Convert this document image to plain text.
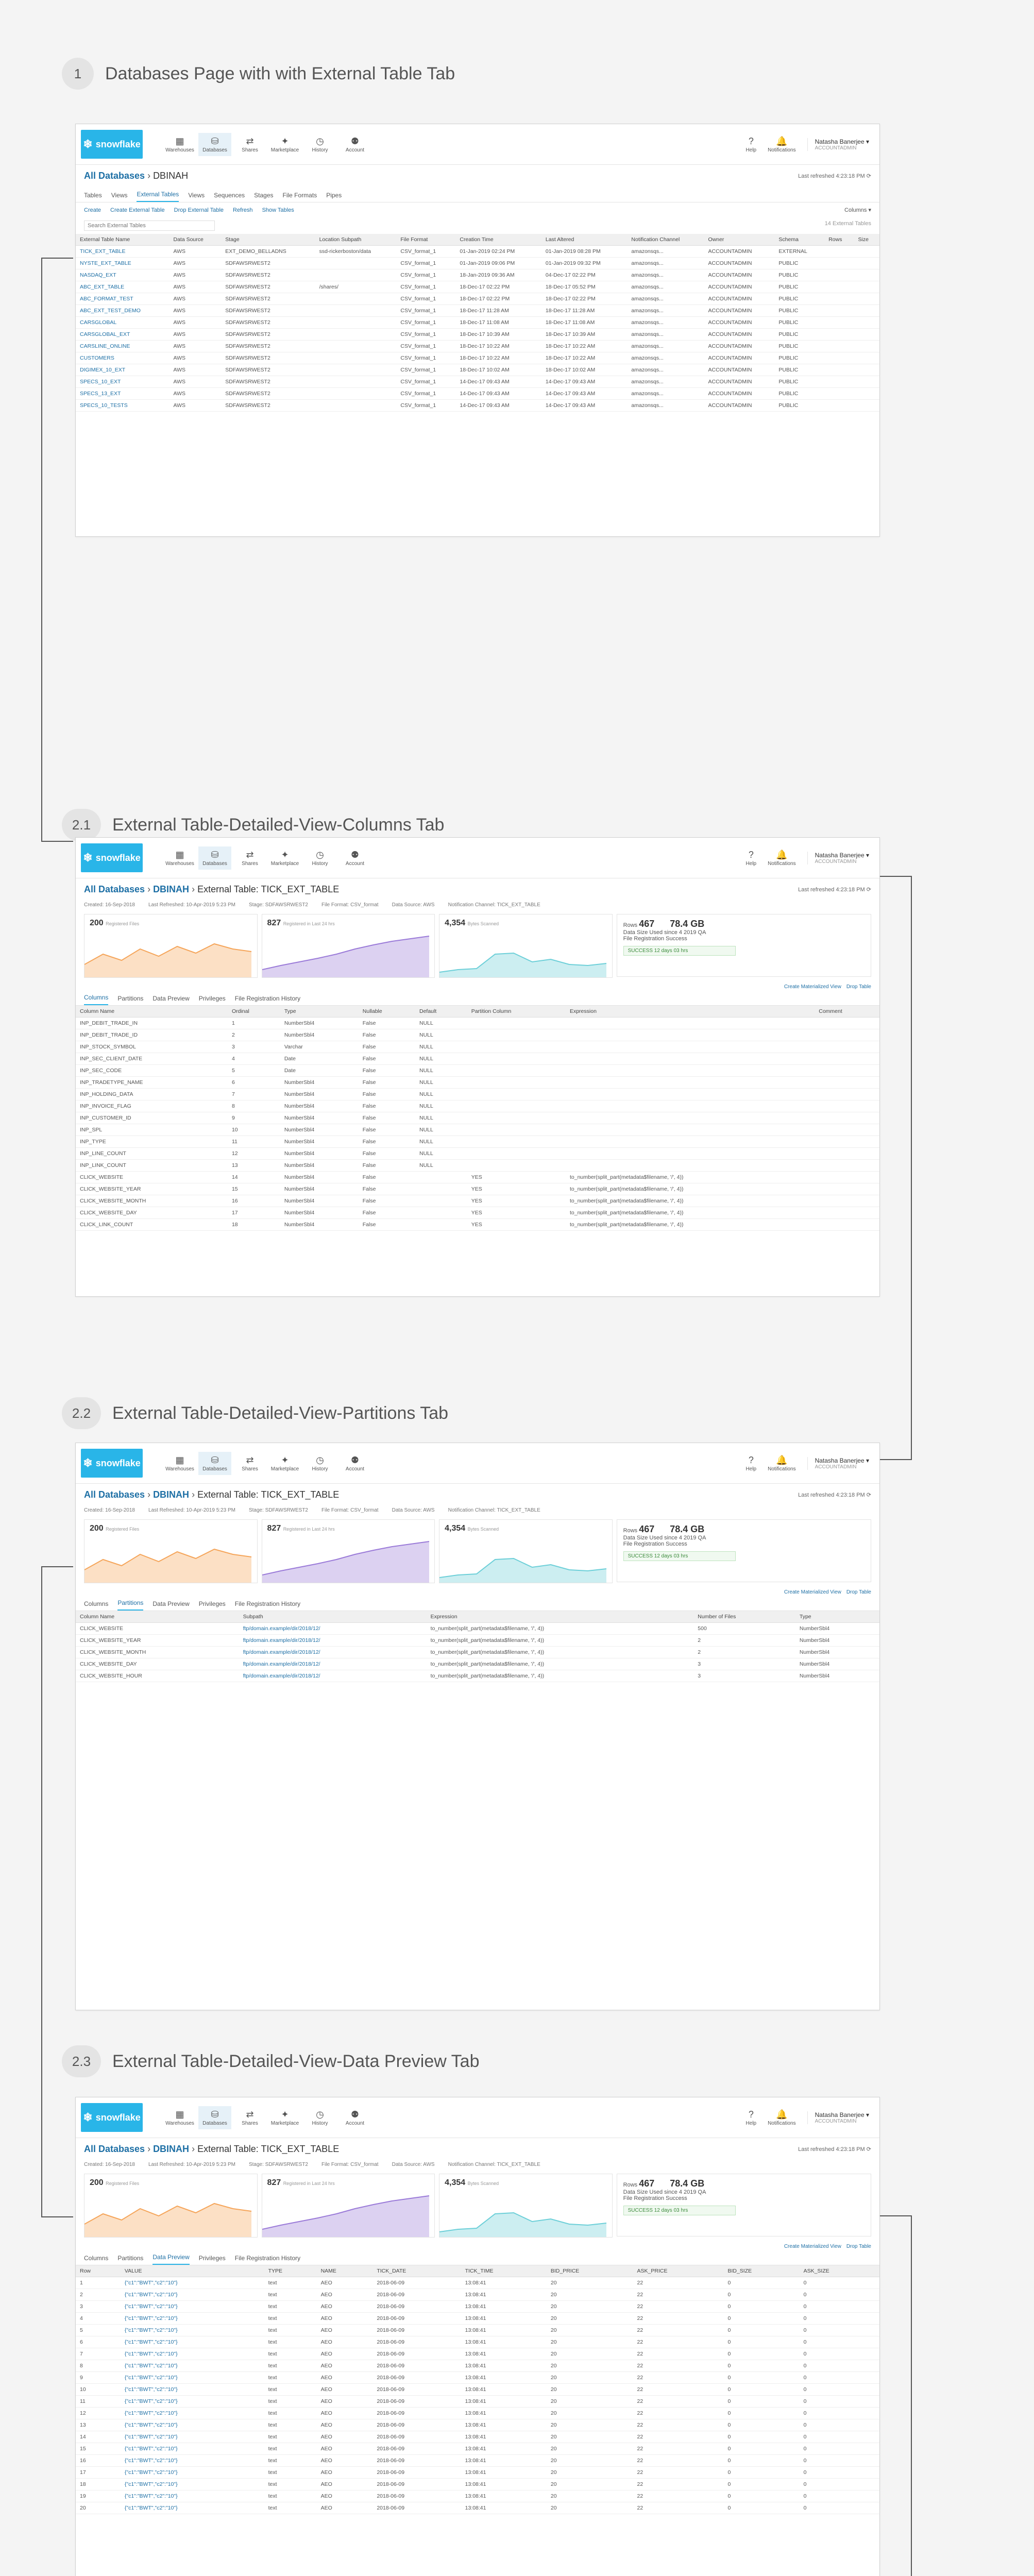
1	Databases Page with with External Table Tab
❄ snowflake	▦
Warehouses
⛁
Databases
⇄
Shares
✦
Marketplace
◷
History
⚉
Account
?
Help
🔔
Notifications
Natasha Banerjee ▾
ACCOUNTADMIN
All Databases › DBINAH	Last refreshed 4:23:18 PM ⟳
Tables Views External Tables Views Sequences Stages File Formats Pipes
Create Create External Table Drop External Table Refresh Show Tables	Columns ▾
Search External Tables
14 External Tables
External Table Name	Data Source	Stage	Location Subpath	File Format	Creation Time	Last Altered	Notification Channel	Owner	Schema	Rows	Size
TICK_EXT_TABLE	AWS	EXT_DEMO_BELLADNS	ssd-rickerboston/data	CSV_format_1	01-Jan-2019 02:24 PM	01-Jan-2019 08:28 PM	amazonsqs...	ACCOUNTADMIN	EXTERNAL		
NYSTE_EXT_TABLE	AWS	SDFAWSRWEST2		CSV_format_1	01-Jan-2019 09:06 PM	01-Jan-2019 09:32 PM	amazonsqs...	ACCOUNTADMIN	PUBLIC		
NASDAQ_EXT	AWS	SDFAWSRWEST2		CSV_format_1	18-Jan-2019 09:36 AM	04-Dec-17 02:22 PM	amazonsqs...	ACCOUNTADMIN	PUBLIC		
ABC_EXT_TABLE	AWS	SDFAWSRWEST2	/shares/	CSV_format_1	18-Dec-17 02:22 PM	18-Dec-17 05:52 PM	amazonsqs...	ACCOUNTADMIN	PUBLIC		
ABC_FORMAT_TEST	AWS	SDFAWSRWEST2		CSV_format_1	18-Dec-17 02:22 PM	18-Dec-17 02:22 PM	amazonsqs...	ACCOUNTADMIN	PUBLIC		
ABC_EXT_TEST_DEMO	AWS	SDFAWSRWEST2		CSV_format_1	18-Dec-17 11:28 AM	18-Dec-17 11:28 AM	amazonsqs...	ACCOUNTADMIN	PUBLIC		
CARSGLOBAL	AWS	SDFAWSRWEST2		CSV_format_1	18-Dec-17 11:08 AM	18-Dec-17 11:08 AM	amazonsqs...	ACCOUNTADMIN	PUBLIC		
CARSGLOBAL_EXT	AWS	SDFAWSRWEST2		CSV_format_1	18-Dec-17 10:39 AM	18-Dec-17 10:39 AM	amazonsqs...	ACCOUNTADMIN	PUBLIC		
CARSLINE_ONLINE	AWS	SDFAWSRWEST2		CSV_format_1	18-Dec-17 10:22 AM	18-Dec-17 10:22 AM	amazonsqs...	ACCOUNTADMIN	PUBLIC		
CUSTOMERS	AWS	SDFAWSRWEST2		CSV_format_1	18-Dec-17 10:22 AM	18-Dec-17 10:22 AM	amazonsqs...	ACCOUNTADMIN	PUBLIC		
DIGIMEX_10_EXT	AWS	SDFAWSRWEST2		CSV_format_1	18-Dec-17 10:02 AM	18-Dec-17 10:02 AM	amazonsqs...	ACCOUNTADMIN	PUBLIC		
SPECS_10_EXT	AWS	SDFAWSRWEST2		CSV_format_1	14-Dec-17 09:43 AM	14-Dec-17 09:43 AM	amazonsqs...	ACCOUNTADMIN	PUBLIC		
SPECS_13_EXT	AWS	SDFAWSRWEST2		CSV_format_1	14-Dec-17 09:43 AM	14-Dec-17 09:43 AM	amazonsqs...	ACCOUNTADMIN	PUBLIC		
SPECS_10_TESTS	AWS	SDFAWSRWEST2		CSV_format_1	14-Dec-17 09:43 AM	14-Dec-17 09:43 AM	amazonsqs...	ACCOUNTADMIN	PUBLIC		
2.1	External Table-Detailed-View-Columns Tab
❄ snowflake	▦
Warehouses
⛁
Databases
⇄
Shares
✦
Marketplace
◷
History
⚉
Account
?
Help
🔔
Notifications
Natasha Banerjee ▾
ACCOUNTADMIN
All Databases › DBINAH › External Table: TICK_EXT_TABLE	Last refreshed 4:23:18 PM ⟳
Created: 16-Sep-2018	Last Refreshed: 10-Apr-2019 5:23 PM	Stage: SDFAWSRWEST2	File Format: CSV_format	Data Source: AWS	Notification Channel: TICK_EXT_TABLE
200 Registered Files	827 Registered in Last 24 hrs	4,354 Bytes Scanned	Rows 467 78.4 GB
Data Size Used since 4 2019 QA
File Registration Success
SUCCESS 12 days 03 hrs
Create Materialized View Drop Table
Columns Partitions Data Preview Privileges File Registration History
Column Name	Ordinal	Type	Nullable	Default	Partition Column	Expression	Comment
INP_DEBIT_TRADE_IN	1	NumberSbl4	False	NULL			
INP_DEBIT_TRADE_ID	2	NumberSbl4	False	NULL			
INP_STOCK_SYMBOL	3	Varchar	False	NULL			
INP_SEC_CLIENT_DATE	4	Date	False	NULL			
INP_SEC_CODE	5	Date	False	NULL			
INP_TRADETYPE_NAME	6	NumberSbl4	False	NULL			
INP_HOLDING_DATA	7	NumberSbl4	False	NULL			
INP_INVOICE_FLAG	8	NumberSbl4	False	NULL			
INP_CUSTOMER_ID	9	NumberSbl4	False	NULL			
INP_SPL	10	NumberSbl4	False	NULL			
INP_TYPE	11	NumberSbl4	False	NULL			
INP_LINE_COUNT	12	NumberSbl4	False	NULL			
INP_LINK_COUNT	13	NumberSbl4	False	NULL			
CLICK_WEBSITE	14	NumberSbl4	False		YES	to_number(split_part(metadata$filename, '/', 4))	
CLICK_WEBSITE_YEAR	15	NumberSbl4	False		YES	to_number(split_part(metadata$filename, '/', 4))	
CLICK_WEBSITE_MONTH	16	NumberSbl4	False		YES	to_number(split_part(metadata$filename, '/', 4))	
CLICK_WEBSITE_DAY	17	NumberSbl4	False		YES	to_number(split_part(metadata$filename, '/', 4))	
CLICK_LINK_COUNT	18	NumberSbl4	False		YES	to_number(split_part(metadata$filename, '/', 4))	
2.2	External Table-Detailed-View-Partitions Tab
❄ snowflake	▦
Warehouses
⛁
Databases
⇄
Shares
✦
Marketplace
◷
History
⚉
Account
?
Help
🔔
Notifications
Natasha Banerjee ▾
ACCOUNTADMIN
All Databases › DBINAH › External Table: TICK_EXT_TABLE	Last refreshed 4:23:18 PM ⟳
Created: 16-Sep-2018	Last Refreshed: 10-Apr-2019 5:23 PM	Stage: SDFAWSRWEST2	File Format: CSV_format	Data Source: AWS	Notification Channel: TICK_EXT_TABLE
200 Registered Files	827 Registered in Last 24 hrs	4,354 Bytes Scanned	Rows 467 78.4 GB
Data Size Used since 4 2019 QA
File Registration Success
SUCCESS 12 days 03 hrs
Create Materialized View Drop Table
Columns Partitions Data Preview Privileges File Registration History
Column Name	Subpath	Expression	Number of Files	Type
CLICK_WEBSITE	ftp/domain.example/dir/2018/12/	to_number(split_part(metadata$filename, '/', 4))	500	NumberSbl4
CLICK_WEBSITE_YEAR	ftp/domain.example/dir/2018/12/	to_number(split_part(metadata$filename, '/', 4))	2	NumberSbl4
CLICK_WEBSITE_MONTH	ftp/domain.example/dir/2018/12/	to_number(split_part(metadata$filename, '/', 4))	2	NumberSbl4
CLICK_WEBSITE_DAY	ftp/domain.example/dir/2018/12/	to_number(split_part(metadata$filename, '/', 4))	3	NumberSbl4
CLICK_WEBSITE_HOUR	ftp/domain.example/dir/2018/12/	to_number(split_part(metadata$filename, '/', 4))	3	NumberSbl4
2.3	External Table-Detailed-View-Data Preview Tab
❄ snowflake	▦
Warehouses
⛁
Databases
⇄
Shares
✦
Marketplace
◷
History
⚉
Account
?
Help
🔔
Notifications
Natasha Banerjee ▾
ACCOUNTADMIN
All Databases › DBINAH › External Table: TICK_EXT_TABLE	Last refreshed 4:23:18 PM ⟳
Created: 16-Sep-2018	Last Refreshed: 10-Apr-2019 5:23 PM	Stage: SDFAWSRWEST2	File Format: CSV_format	Data Source: AWS	Notification Channel: TICK_EXT_TABLE
200 Registered Files	827 Registered in Last 24 hrs	4,354 Bytes Scanned	Rows 467 78.4 GB
Data Size Used since 4 2019 QA
File Registration Success
SUCCESS 12 days 03 hrs
Create Materialized View Drop Table
Columns Partitions Data Preview Privileges File Registration History
Row	VALUE	TYPE	NAME	TICK_DATE	TICK_TIME	BID_PRICE	ASK_PRICE	BID_SIZE	ASK_SIZE
1	{"c1":"BWT","c2":"10"}	text	AEO	2018-06-09	13:08:41	20	22	0	0
2	{"c1":"BWT","c2":"10"}	text	AEO	2018-06-09	13:08:41	20	22	0	0
3	{"c1":"BWT","c2":"10"}	text	AEO	2018-06-09	13:08:41	20	22	0	0
4	{"c1":"BWT","c2":"10"}	text	AEO	2018-06-09	13:08:41	20	22	0	0
5	{"c1":"BWT","c2":"10"}	text	AEO	2018-06-09	13:08:41	20	22	0	0
6	{"c1":"BWT","c2":"10"}	text	AEO	2018-06-09	13:08:41	20	22	0	0
7	{"c1":"BWT","c2":"10"}	text	AEO	2018-06-09	13:08:41	20	22	0	0
8	{"c1":"BWT","c2":"10"}	text	AEO	2018-06-09	13:08:41	20	22	0	0
9	{"c1":"BWT","c2":"10"}	text	AEO	2018-06-09	13:08:41	20	22	0	0
10	{"c1":"BWT","c2":"10"}	text	AEO	2018-06-09	13:08:41	20	22	0	0
11	{"c1":"BWT","c2":"10"}	text	AEO	2018-06-09	13:08:41	20	22	0	0
12	{"c1":"BWT","c2":"10"}	text	AEO	2018-06-09	13:08:41	20	22	0	0
13	{"c1":"BWT","c2":"10"}	text	AEO	2018-06-09	13:08:41	20	22	0	0
14	{"c1":"BWT","c2":"10"}	text	AEO	2018-06-09	13:08:41	20	22	0	0
15	{"c1":"BWT","c2":"10"}	text	AEO	2018-06-09	13:08:41	20	22	0	0
16	{"c1":"BWT","c2":"10"}	text	AEO	2018-06-09	13:08:41	20	22	0	0
17	{"c1":"BWT","c2":"10"}	text	AEO	2018-06-09	13:08:41	20	22	0	0
18	{"c1":"BWT","c2":"10"}	text	AEO	2018-06-09	13:08:41	20	22	0	0
19	{"c1":"BWT","c2":"10"}	text	AEO	2018-06-09	13:08:41	20	22	0	0
20	{"c1":"BWT","c2":"10"}	text	AEO	2018-06-09	13:08:41	20	22	0	0
